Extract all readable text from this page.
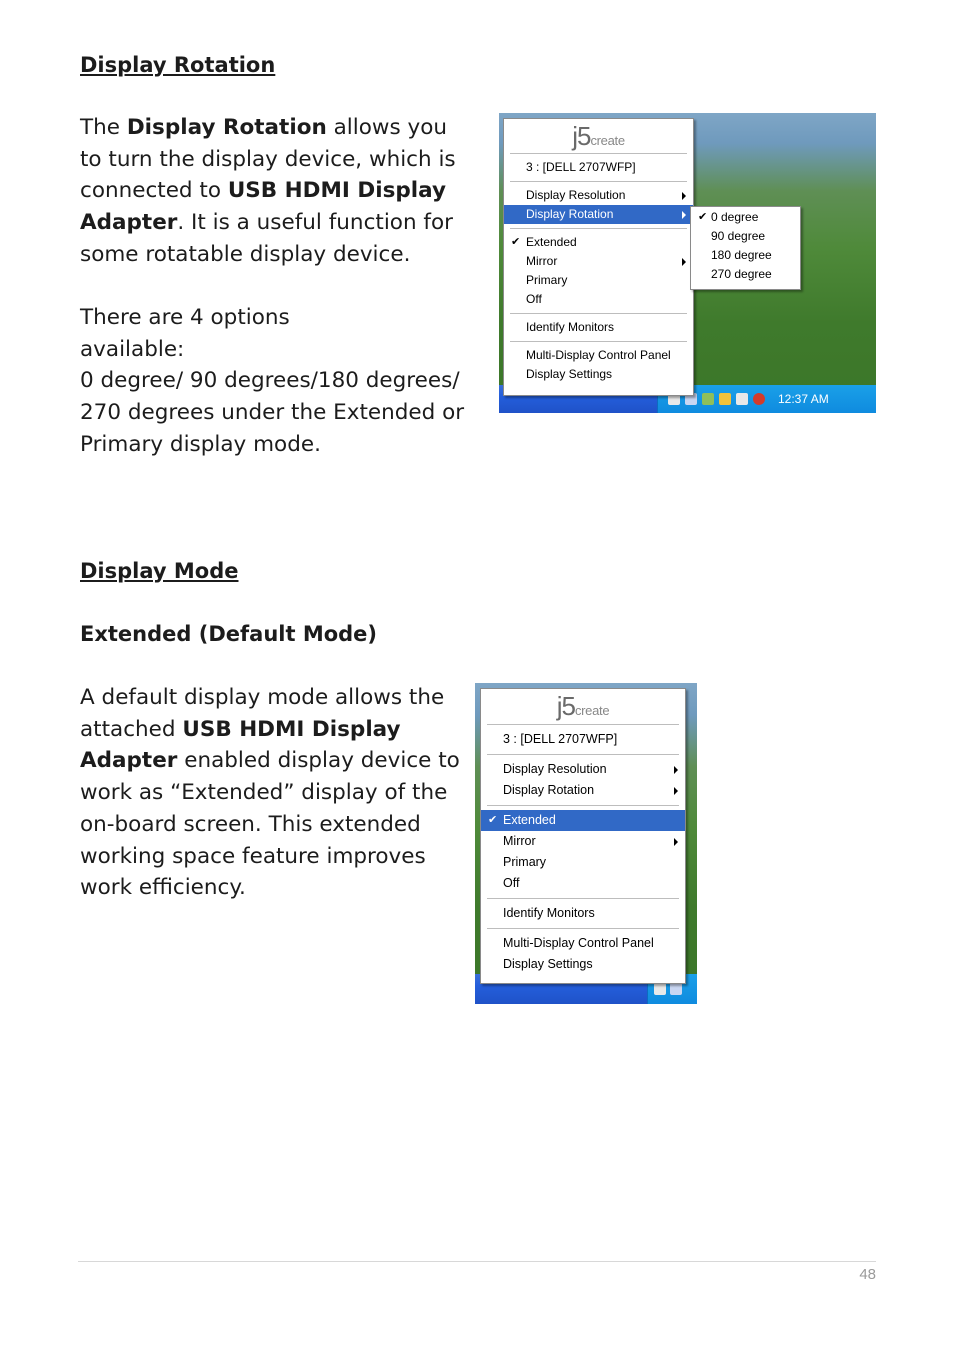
Display Rotation

The Display Rotation allows you to turn the display device, which is connected to USB HDMI Display Adapter. It is a useful function for some rotatable display device.

There are 4 options
available:
0 degree/ 90 degrees/180 degrees/ 270 degrees under the Extended or Primary display mode.

12:37 AM
j5create
3 : [DELL 2707WFP]
Display Resolution
Display Rotation
✔ Extended
Mirror
Primary
Off
Identify Monitors
Multi-Display Control Panel
Display Settings
✔ 0 degree
90 degree
180 degree
270 degree
Display Mode
Extended (Default Mode)

A default display mode allows the attached USB HDMI Display Adapter enabled display device to work as “Extended” display of the on-board screen. This extended working space feature improves work efficiency.

j5create
3 : [DELL 2707WFP]
Display Resolution
Display Rotation
✔ Extended
Mirror
Primary
Off
Identify Monitors
Multi-Display Control Panel
Display Settings
48
